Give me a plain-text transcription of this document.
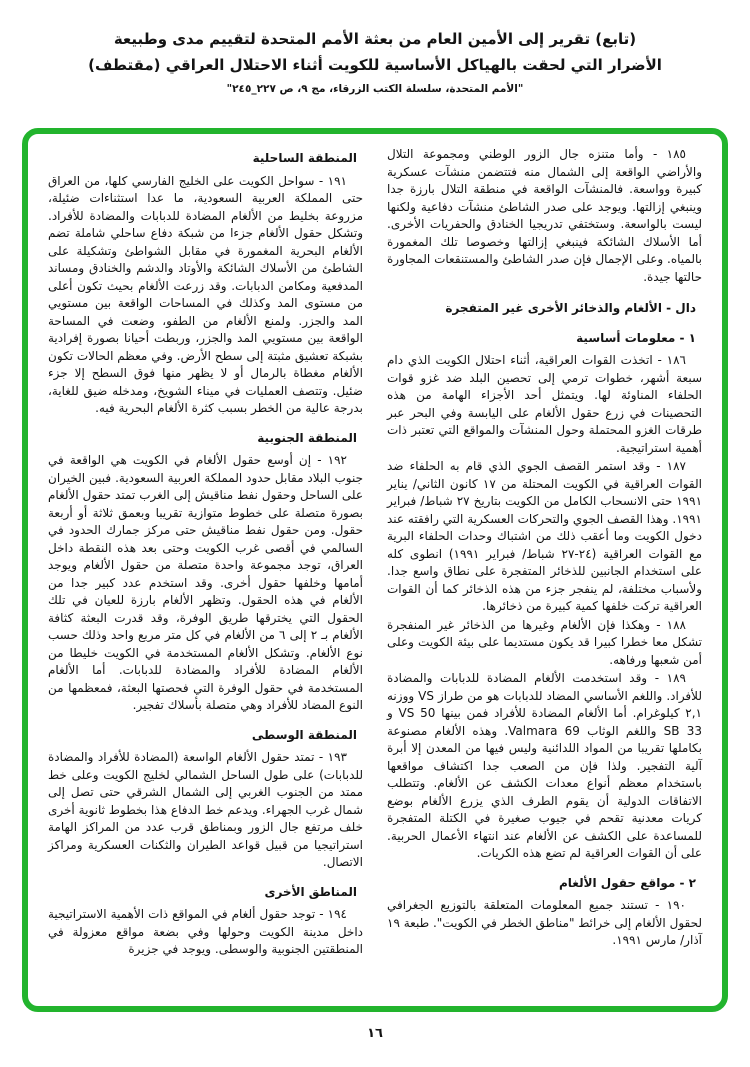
(تابع) تقرير إلى الأمين العام من بعثة الأمم المتحدة لتقييم مدى وطبيعة
الأضرار التي لحقت بالهياكل الأساسية للكويت أثناء الاحتلال العراقي (مقتطف)
"الأمم المتحدة، سلسلة الكتب الزرقاء، مج ٩، ص ٢٢٧_٢٤٥"

١٨٥ - وأما متنزه جال الزور الوطني ومجموعة التلال والأراضي الواقعة إلى الشمال منه فتتضمن منشآت عسكرية كبيرة وواسعة. فالمنشآت الواقعة في منطقة التلال بارزة جدا وينبغي إزالتها. ويوجد على صدر الشاطئ منشآت دفاعية ولكنها ليست بالواسعة. وستختفي تدريجيا الخنادق والحفريات الأخرى. أما الأسلاك الشائكة فينبغي إزالتها وخصوصا تلك المغمورة بالمياه. وعلى الإجمال فإن صدر الشاطئ والمستنقعات المجاورة حالتها جيدة.

دال - الألغام والذخائر الأخرى غير المتفجرة
١ - معلومات أساسية

١٨٦ - اتخذت القوات العراقية، أثناء احتلال الكويت الذي دام سبعة أشهر، خطوات ترمي إلى تحصين البلد ضد غزو قوات الحلفاء المناوئة لها. ويتمثل أحد الأجزاء الهامة من هذه التحصينات في زرع حقول الألغام على اليابسة وفي البحر عبر طرقات الغزو المحتملة وحول المنشآت والمواقع التي تعتبر ذات أهمية استراتيجية.

١٨٧ - وقد استمر القصف الجوي الذي قام به الحلفاء ضد القوات العراقية في الكويت المحتلة من ١٧ كانون الثاني/ يناير ١٩٩١ حتى الانسحاب الكامل من الكويت بتاريخ ٢٧ شباط/ فبراير ١٩٩١. وهذا القصف الجوي والتحركات العسكرية التي رافقته عند دخول الكويت وما أعقب ذلك من اشتباك وحدات الحلفاء البرية مع القوات العراقية (٢٤-٢٧ شباط/ فبراير ١٩٩١) انطوى كله على استخدام الجانبين للذخائر المتفجرة على نطاق واسع جدا. ولأسباب مختلفة، لم ينفجر جزء من هذه الذخائر كما أن القوات العراقية تركت خلفها كمية كبيرة من ذخائرها.

١٨٨ - وهكذا فإن الألغام وغيرها من الذخائر غير المنفجرة تشكل معا خطرا كبيرا قد يكون مستديما على بيئة الكويت وعلى أمن شعبها ورفاهه.

١٨٩ - وقد استخدمت الألغام المضادة للدبابات والمضادة للأفراد. واللغم الأساسي المضاد للدبابات هو من طراز VS ووزنه ٢,١ كيلوغرام. أما الألغام المضادة للأفراد فمن بينها VS 50 و SB 33 واللغم الوثاب Valmara 69. وهذه الألغام مصنوعة بكاملها تقريبا من المواد اللدائنية وليس فيها من المعدن إلا أبرة آلية التفجير. ولذا فإن من الصعب جدا اكتشاف مواقعها باستخدام معظم أنواع معدات الكشف عن الألغام. وتتطلب الاتفاقات الدولية أن يقوم الطرف الذي يزرع الألغام بوضع كريات معدنية تقحم في جيوب صغيرة في الكتلة المتفجرة للمساعدة على الكشف عن الألغام عند انتهاء الأعمال الحربية. على أن القوات العراقية لم تضع هذه الكريات.

٢ - مواقع حقول الألغام

١٩٠ - تستند جميع المعلومات المتعلقة بالتوزيع الجغرافي لحقول الألغام إلى خرائط "مناطق الخطر في الكويت". طبعة ١٩ آذار/ مارس ١٩٩١.

المنطقة الساحلية

١٩١ - سواحل الكويت على الخليج الفارسي كلها، من العراق حتى المملكة العربية السعودية، ما عدا استثناءات ضئيلة، مزروعة بخليط من الألغام المضادة للدبابات والمضادة للأفراد. وتشكل حقول الألغام جزءا من شبكة دفاع ساحلي شاملة تضم الألغام البحرية المغمورة في مقابل الشواطئ وتشكيلة على الشاطئ من الأسلاك الشائكة والأوتاد والدشم والخنادق ومساند المدفعية ومكامن الدبابات. وقد زرعت الألغام بحيث تكون أعلى من مستوى المد وكذلك في المساحات الواقعة بين مستويي المد والجزر. ولمنع الألغام من الطفو، وضعت في المساحة الواقعة بين مستويي المد والجزر، وربطت أحيانا بصورة إفرادية بشبكة تعشيق مثبتة إلى سطح الأرض. وفي معظم الحالات تكون الألغام مغطاة بالرمال أو لا يظهر منها فوق السطح إلا جزء ضئيل. وتتصف العمليات في ميناء الشويخ، ومدخله ضيق للغاية، بدرجة عالية من الخطر بسبب كثرة الألغام البحرية فيه.

المنطقة الجنوبية

١٩٢ - إن أوسع حقول الألغام في الكويت هي الواقعة في جنوب البلاد مقابل حدود المملكة العربية السعودية. فبين الخيران على الساحل وحقول نفط مناقيش إلى الغرب تمتد حقول الألغام بصورة متصلة على خطوط متوازية تقريبا وبعمق ثلاثة أو أربعة حقول. ومن حقول نفط مناقيش حتى مركز جمارك الحدود في السالمي في أقصى غرب الكويت وحتى بعد هذه النقطة داخل العراق، توجد مجموعة واحدة متصلة من حقول الألغام ويوجد أمامها وخلفها حقول أخرى. وقد استخدم عدد كبير جدا من الألغام في هذه الحقول. وتظهر الألغام بارزة للعيان في تلك الحقول التي يخترقها طريق الوفرة، وقد قدرت البعثة كثافة الألغام بـ ٢ إلى ٦ من الألغام في كل متر مربع واحد وذلك حسب نوع الألغام. وتشكل الألغام المستخدمة في الكويت خليطا من الألغام المضادة للأفراد والمضادة للدبابات. أما الألغام المستخدمة في حقول الوفرة التي فحصتها البعثة، فمعظمها من النوع المضاد للأفراد وهي متصلة بأسلاك تفجير.

المنطقة الوسطى

١٩٣ - تمتد حقول الألغام الواسعة (المضادة للأفراد والمضادة للدبابات) على طول الساحل الشمالي لخليج الكويت وعلى خط ممتد من الجنوب الغربي إلى الشمال الشرقي حتى تصل إلى شمال غرب الجهراء. ويدعم خط الدفاع هذا بخطوط ثانوية أخرى خلف مرتفع جال الزور وبمناطق قرب عدد من المراكز الهامة استراتيجيا من قبيل قواعد الطيران والثكنات العسكرية ومراكز الاتصال.

المناطق الأخرى

١٩٤ - توجد حقول ألغام في المواقع ذات الأهمية الاستراتيجية داخل مدينة الكويت وحولها وفي بضعة مواقع معزولة في المنطقتين الجنوبية والوسطى. ويوجد في جزيرة

١٦
